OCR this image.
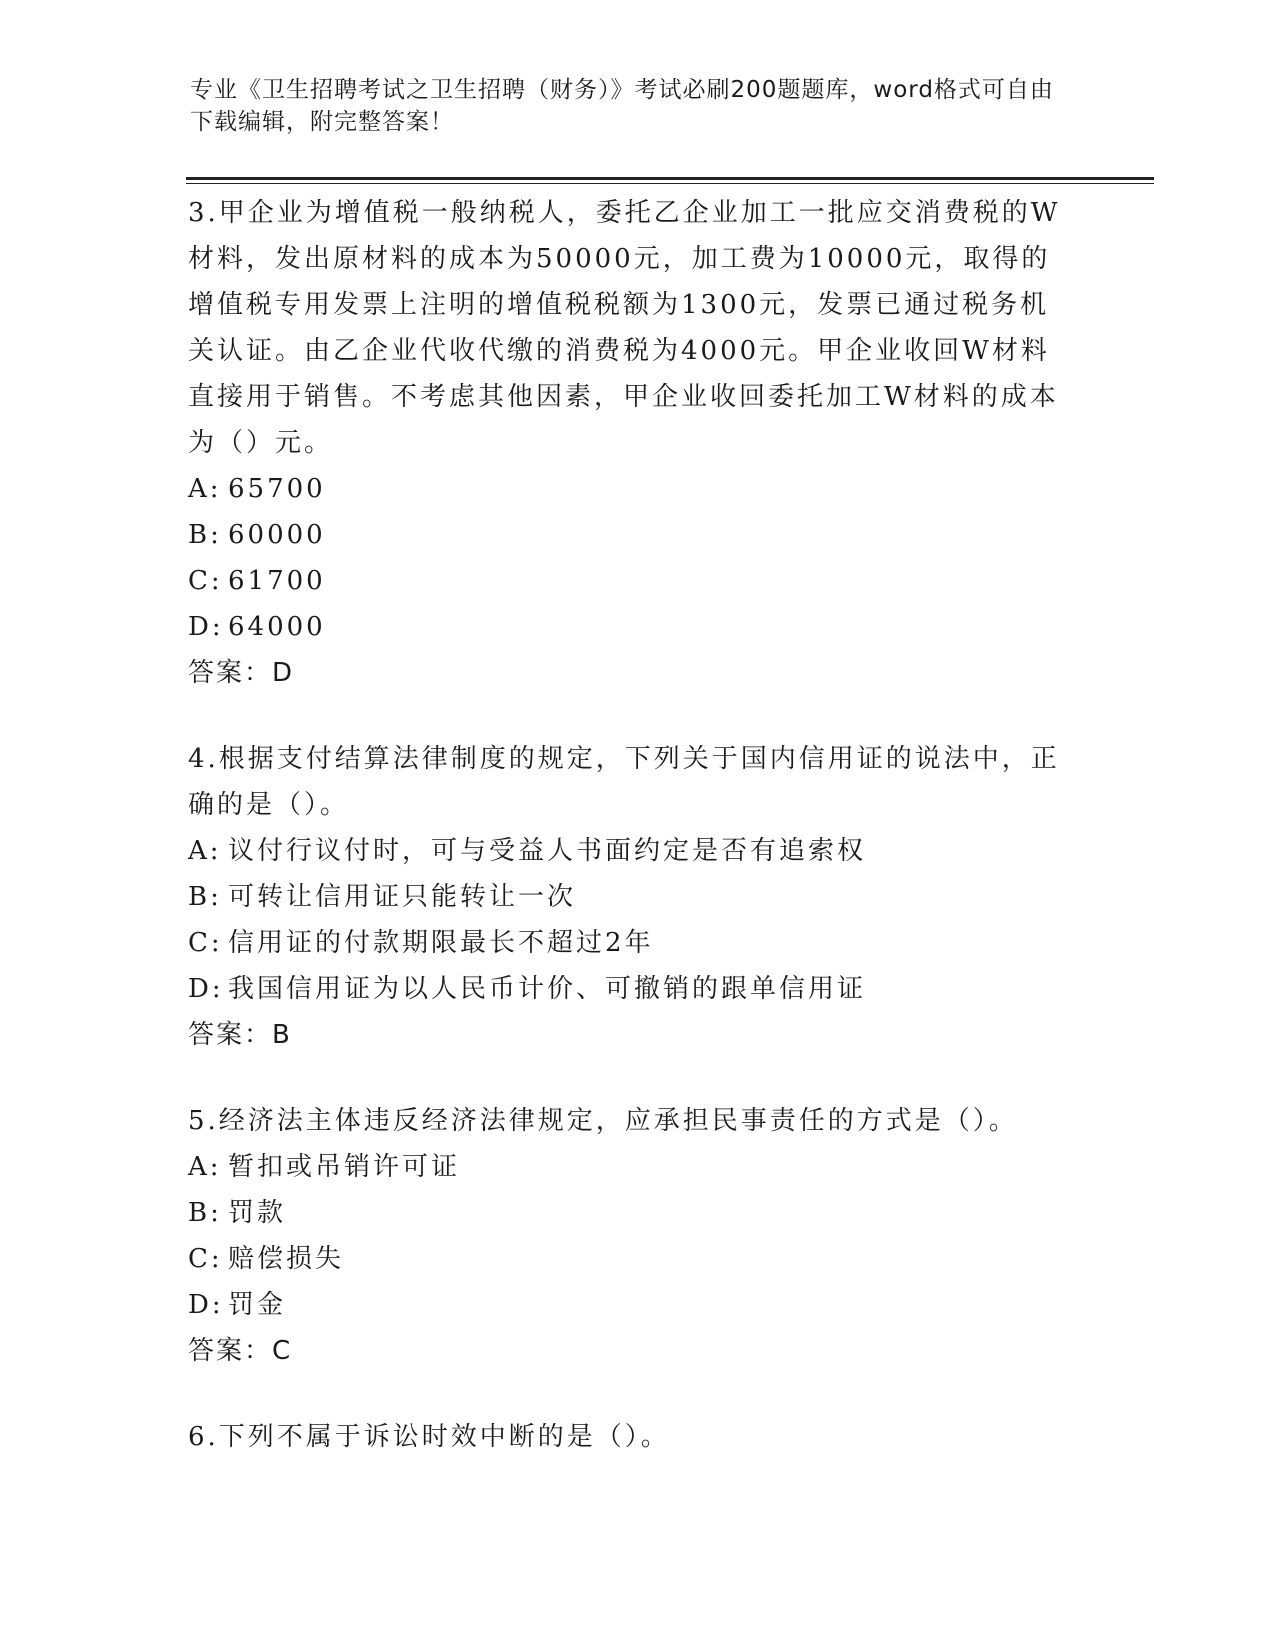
专业《卫生招聘考试之卫生招聘（财务）》考试必刷200题题库，word格式可自由下载编辑，附完整答案！
3.甲企业为增值税一般纳税人，委托乙企业加工一批应交消费税的W材料，发出原材料的成本为50000元，加工费为10000元，取得的增值税专用发票上注明的增值税税额为1300元，发票已通过税务机关认证。由乙企业代收代缴的消费税为4000元。甲企业收回W材料直接用于销售。不考虑其他因素，甲企业收回委托加工W材料的成本为（）元。
A: 65700
B: 60000
C: 61700
D: 64000
答案：D
4.根据支付结算法律制度的规定，下列关于国内信用证的说法中，正确的是（）。
A: 议付行议付时，可与受益人书面约定是否有追索权
B: 可转让信用证只能转让一次
C: 信用证的付款期限最长不超过2年
D: 我国信用证为以人民币计价、可撤销的跟单信用证
答案：B
5.经济法主体违反经济法律规定，应承担民事责任的方式是（）。
A: 暂扣或吊销许可证
B: 罚款
C: 赔偿损失
D: 罚金
答案：C
6.下列不属于诉讼时效中断的是（）。
